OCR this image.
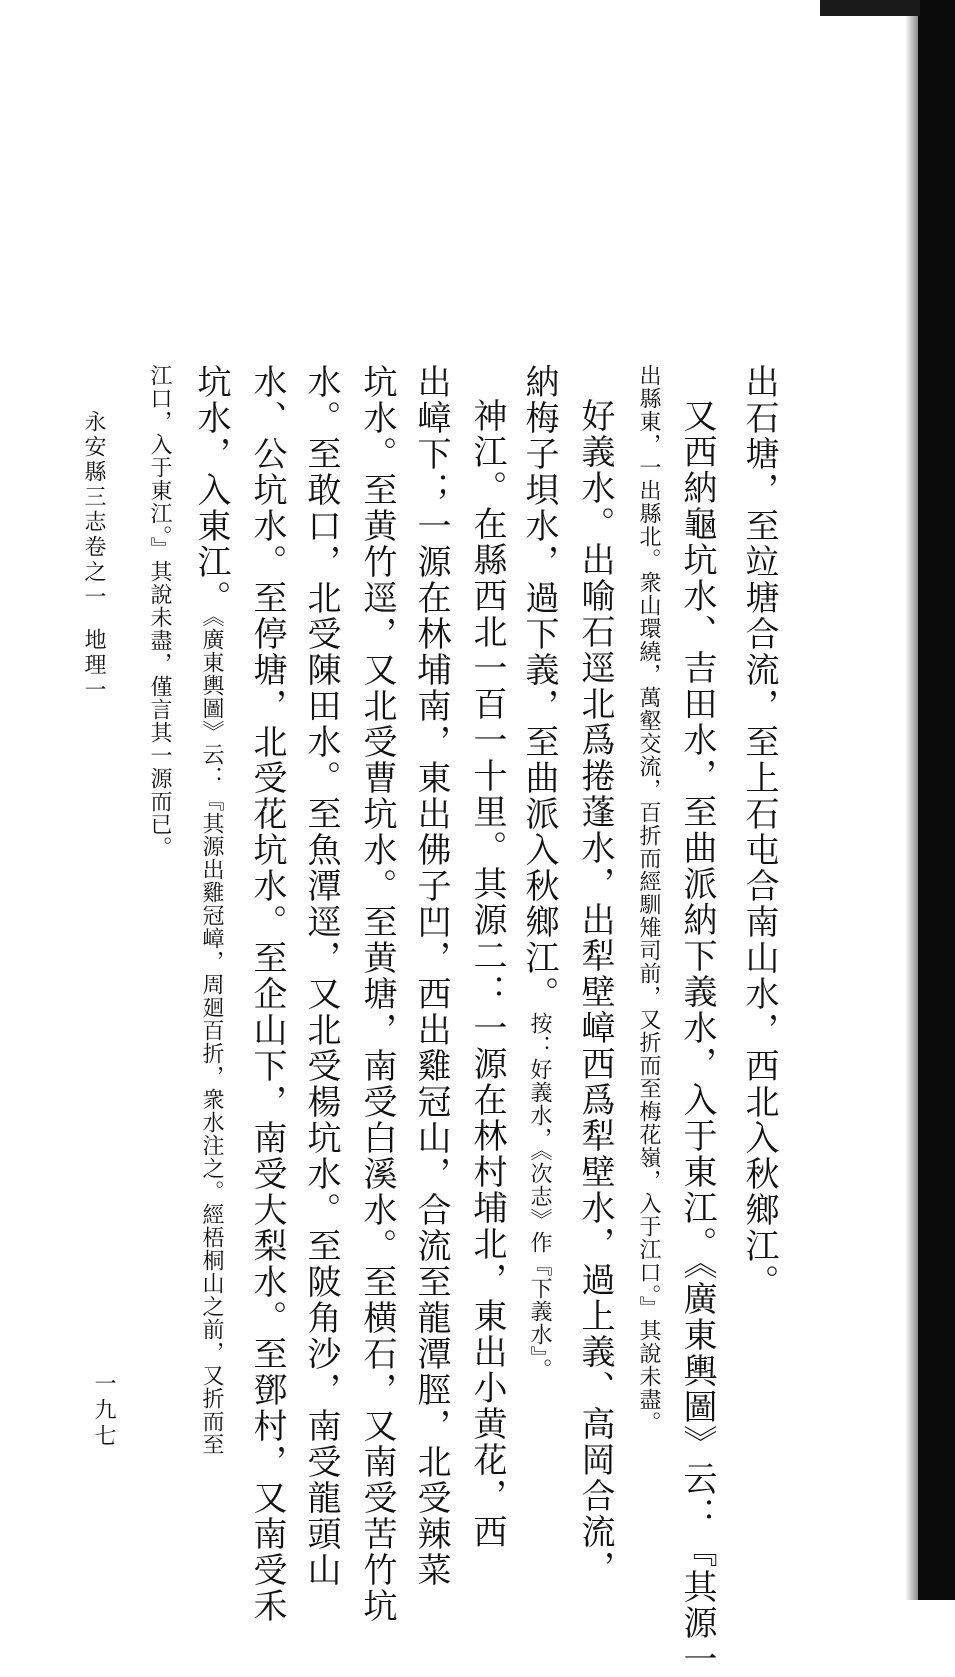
出石塘，至竝塘合流，至上石屯合南山水，西北入秋鄉江。
又西納龜坑水、吉田水，至曲派納下義水，入于東江。《廣東輿圖》云：『其源一
出縣東，一出縣北。衆山環繞，萬壑交流，百折而經馴雉司前，又折而至梅花嶺，入于江口。』其說未盡。
好義水。出喻石逕北爲捲蓬水，出犁壁嶂西爲犁壁水，過上義、高岡合流，
納梅子垻水，過下義，至曲派入秋鄉江。按：好義水，《次志》作『下義水』。
神江。在縣西北一百一十里。其源二：一源在林村埔北，東出小黄花，西
出嶂下；一源在林埔南，東出佛子凹，西出雞冠山，合流至龍潭脛，北受辣菜
坑水。至黄竹逕，又北受曹坑水。至黄塘，南受白溪水。至横石，又南受苦竹坑
水。至敢口，北受陳田水。至魚潭逕，又北受楊坑水。至陂角沙，南受龍頭山
水、公坑水。至停塘，北受花坑水。至企山下，南受大梨水。至鄧村，又南受禾
坑水，入東江。《廣東輿圖》云：『其源出雞冠嶂，周廻百折，衆水注之。經梧桐山之前，又折而至
江口，入于東江。』其說未盡，僅言其一源而已。
永安縣三志卷之一地理一
一九七
